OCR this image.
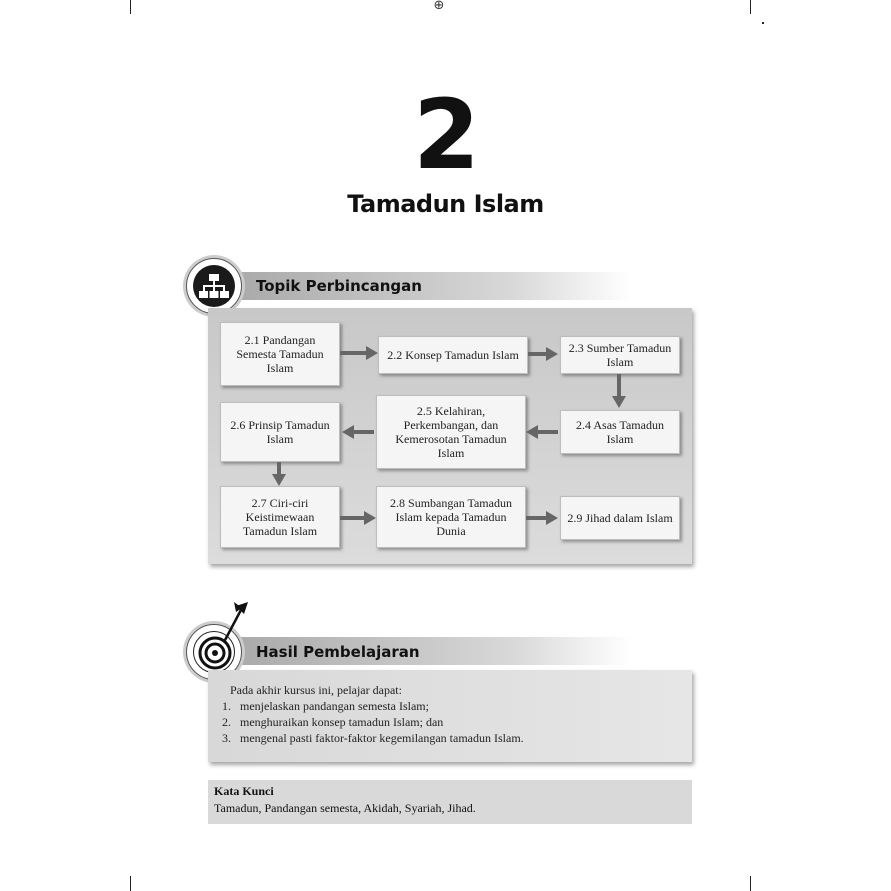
⊕
2
Tamadun Islam
Topik Perbincangan
2.1 Pandangan Semesta Tamadun Islam
2.2 Konsep Tamadun Islam	2.3 Sumber Tamadun Islam
2.6 Prinsip Tamadun Islam
2.5 Kelahiran, Perkembangan, dan Kemerosotan Tamadun Islam
2.4 Asas Tamadun Islam
2.7 Ciri-ciri Keistimewaan Tamadun Islam
2.8 Sumbangan Tamadun Islam kepada Tamadun Dunia
2.9 Jihad dalam Islam
Hasil Pembelajaran
Pada akhir kursus ini, pelajar dapat:
1. menjelaskan pandangan semesta Islam;
2. menghuraikan konsep tamadun Islam; dan
3. mengenal pasti faktor-faktor kegemilangan tamadun Islam.
Kata Kunci
Tamadun, Pandangan semesta, Akidah, Syariah, Jihad.
